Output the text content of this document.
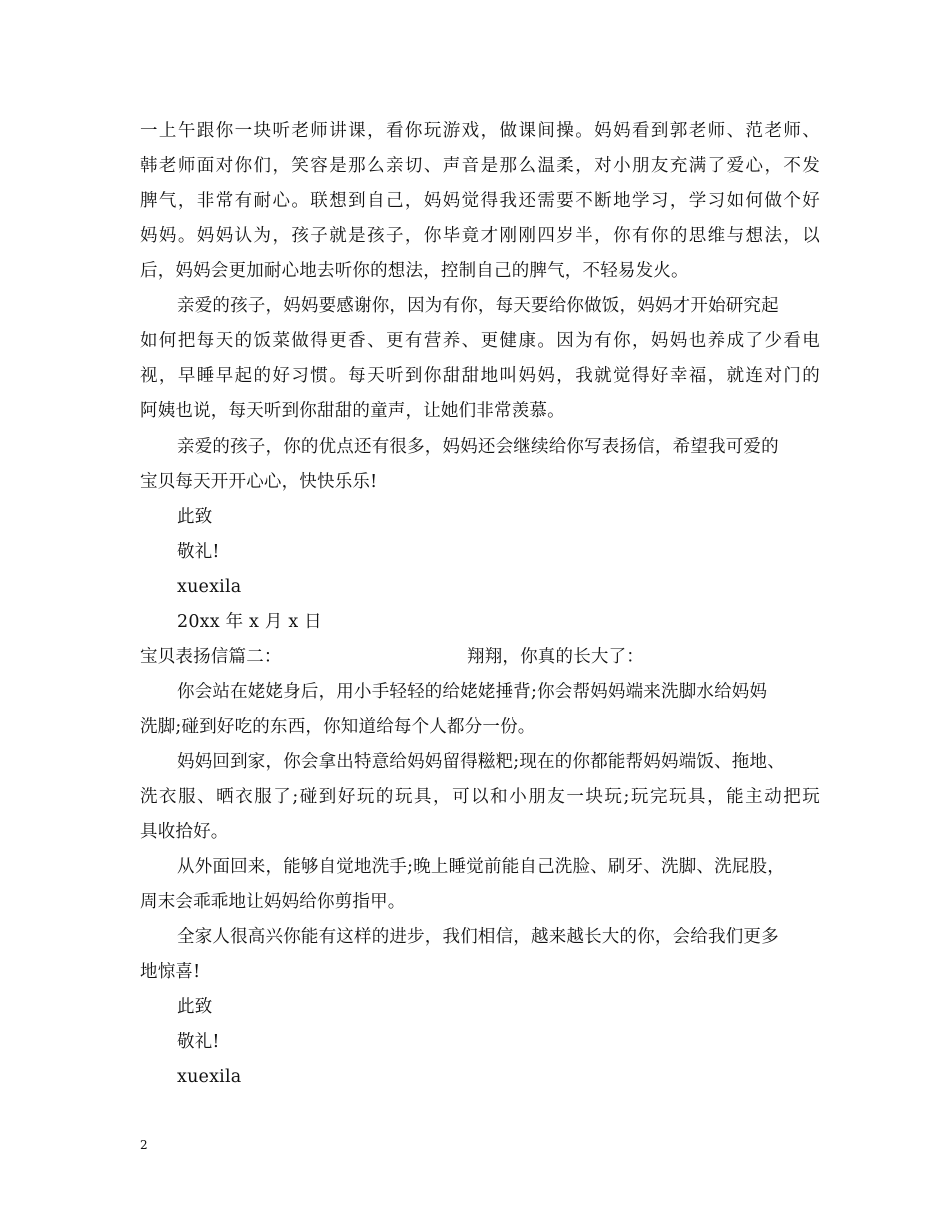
一上午跟你一块听老师讲课，看你玩游戏，做课间操。妈妈看到郭老师、范老师、
韩老师面对你们，笑容是那么亲切、声音是那么温柔，对小朋友充满了爱心，不发
脾气，非常有耐心。联想到自己，妈妈觉得我还需要不断地学习，学习如何做个好
妈妈。妈妈认为，孩子就是孩子，你毕竟才刚刚四岁半，你有你的思维与想法，以
后，妈妈会更加耐心地去听你的想法，控制自己的脾气，不轻易发火。
亲爱的孩子，妈妈要感谢你，因为有你，每天要给你做饭，妈妈才开始研究起
如何把每天的饭菜做得更香、更有营养、更健康。因为有你，妈妈也养成了少看电
视，早睡早起的好习惯。每天听到你甜甜地叫妈妈，我就觉得好幸福，就连对门的
阿姨也说，每天听到你甜甜的童声，让她们非常羡慕。
亲爱的孩子，你的优点还有很多，妈妈还会继续给你写表扬信，希望我可爱的
宝贝每天开开心心，快快乐乐!
此致
敬礼!
xuexila
20xx 年 x 月 x 日
宝贝表扬信篇二：	翔翔，你真的长大了：
你会站在姥姥身后，用小手轻轻的给姥姥捶背;你会帮妈妈端来洗脚水给妈妈
洗脚;碰到好吃的东西，你知道给每个人都分一份。
妈妈回到家，你会拿出特意给妈妈留得糍粑;现在的你都能帮妈妈端饭、拖地、
洗衣服、晒衣服了;碰到好玩的玩具，可以和小朋友一块玩;玩完玩具，能主动把玩
具收拾好。
从外面回来，能够自觉地洗手;晚上睡觉前能自己洗脸、刷牙、洗脚、洗屁股，
周末会乖乖地让妈妈给你剪指甲。
全家人很高兴你能有这样的进步，我们相信，越来越长大的你，会给我们更多
地惊喜!
此致
敬礼!
xuexila
2
